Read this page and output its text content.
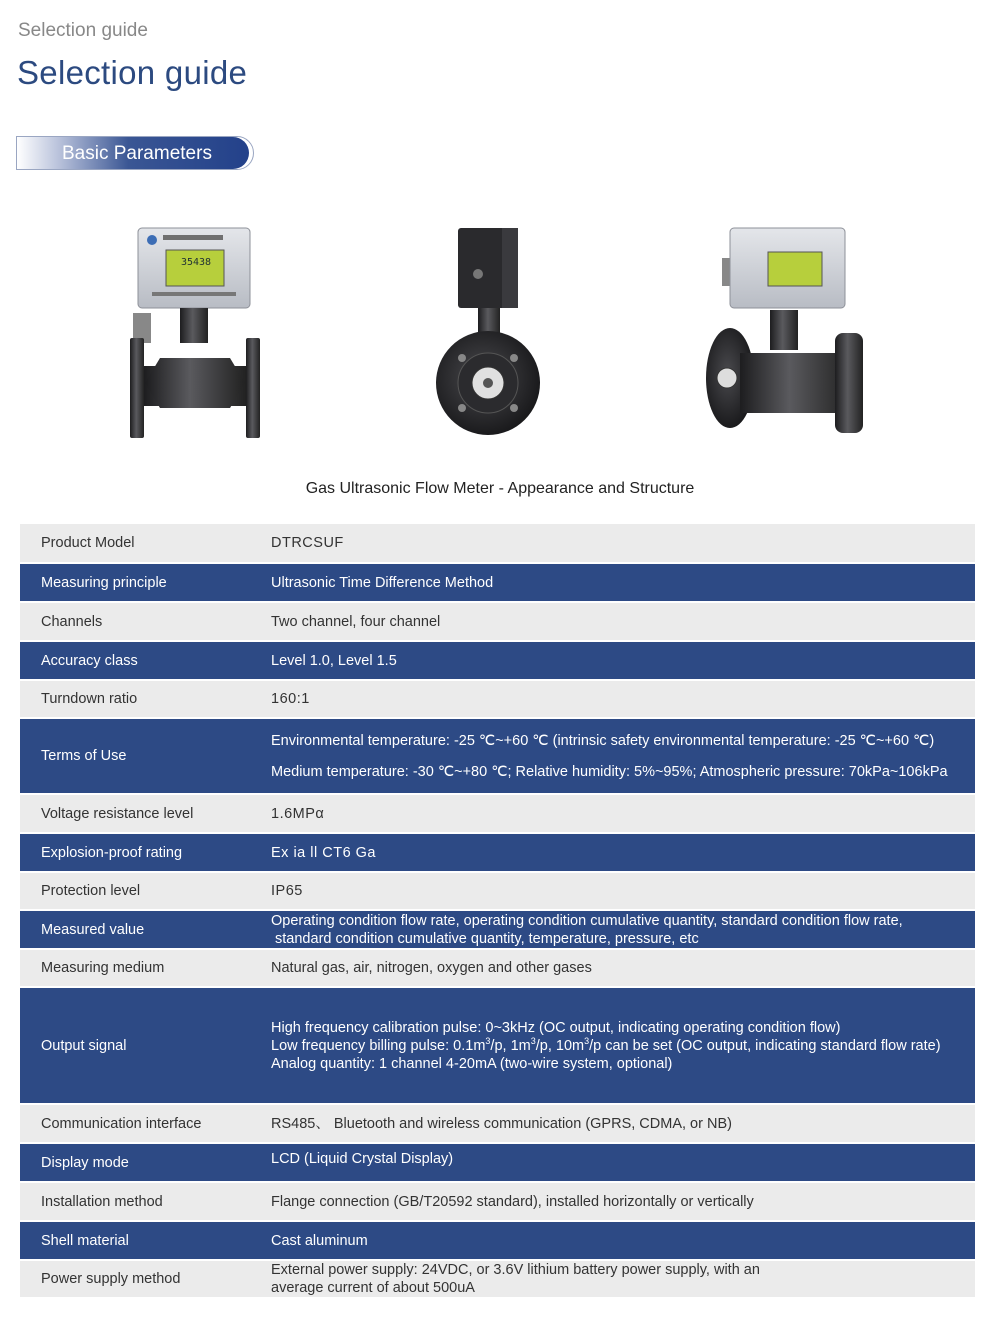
Selection guide
Selection guide
Basic Parameters
35438
Gas Ultrasonic Flow Meter - Appearance and Structure
Product Model	DTRCSUF
Measuring principle	Ultrasonic Time Difference Method
Channels	Two channel, four channel
Accuracy class	Level 1.0, Level 1.5
Turndown ratio	160:1
Terms of Use	Environmental temperature: -25 ℃~+60 ℃ (intrinsic safety environmental temperature: -25 ℃~+60 ℃)

Medium temperature: -30 ℃~+80 ℃; Relative humidity: 5%~95%; Atmospheric pressure: 70kPa~106kPa

Voltage resistance level	1.6MPα
Explosion-proof rating	Ex ia ll CT6 Ga
Protection level	IP65
Measured value	Operating condition flow rate, operating condition cumulative quantity, standard condition flow rate,

standard condition cumulative quantity, temperature, pressure, etc

Measuring medium	Natural gas, air, nitrogen, oxygen and other gases
Output signal	High frequency calibration pulse: 0~3kHz (OC output, indicating operating condition flow)

Low frequency billing pulse: $0.1m^3/p$, $1m^3/p$, $10m^3/p$ can be set (OC output, indicating standard flow rate)

Analog quantity: 1 channel 4-20mA (two-wire system, optional)

Communication interface	RS485、 Bluetooth and wireless communication (GPRS, CDMA, or NB)
Display mode	LCD (Liquid Crystal Display)
Installation method	Flange connection (GB/T20592 standard), installed horizontally or vertically
Shell material	Cast aluminum
Power supply method	External power supply: 24VDC, or 3.6V lithium battery power supply, with an

average current of about 500uA
